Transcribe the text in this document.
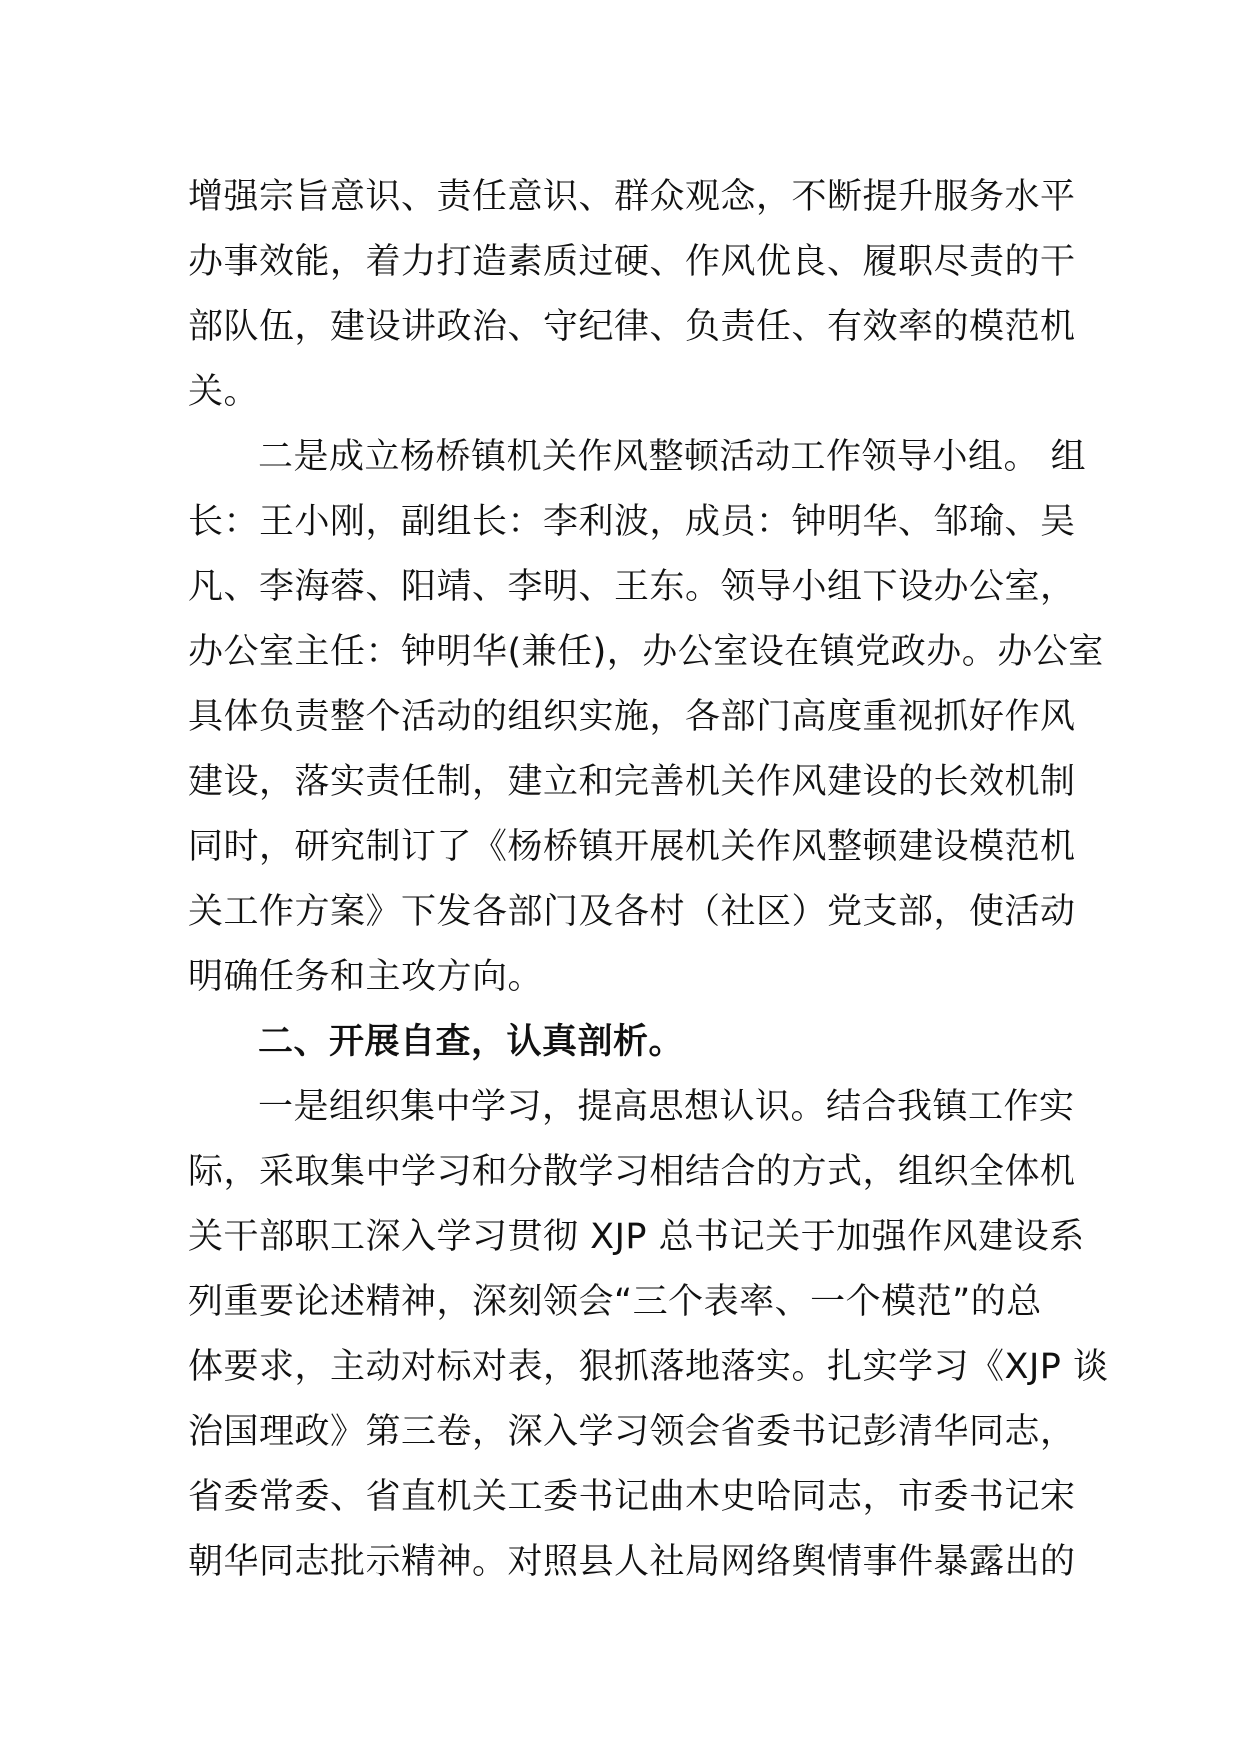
增强宗旨意识、责任意识、群众观念，不断提升服务水平
办事效能，着力打造素质过硬、作风优良、履职尽责的干
部队伍，建设讲政治、守纪律、负责任、有效率的模范机
关。
二是成立杨桥镇机关作风整顿活动工作领导小组。 组
长：王小刚，副组长：李利波，成员：钟明华、邹瑜、吴
凡、李海蓉、阳靖、李明、王东。领导小组下设办公室，
办公室主任：钟明华(兼任)，办公室设在镇党政办。办公室
具体负责整个活动的组织实施，各部门高度重视抓好作风
建设，落实责任制，建立和完善机关作风建设的长效机制
同时，研究制订了《杨桥镇开展机关作风整顿建设模范机
关工作方案》下发各部门及各村（社区）党支部，使活动
明确任务和主攻方向。
二、开展自查，认真剖析。
一是组织集中学习，提高思想认识。结合我镇工作实
际，采取集中学习和分散学习相结合的方式，组织全体机
关干部职工深入学习贯彻 XJP 总书记关于加强作风建设系
列重要论述精神，深刻领会“三个表率、一个模范”的总
体要求，主动对标对表，狠抓落地落实。扎实学习《XJP 谈
治国理政》第三卷，深入学习领会省委书记彭清华同志，
省委常委、省直机关工委书记曲木史哈同志，市委书记宋
朝华同志批示精神。对照县人社局网络舆情事件暴露出的
